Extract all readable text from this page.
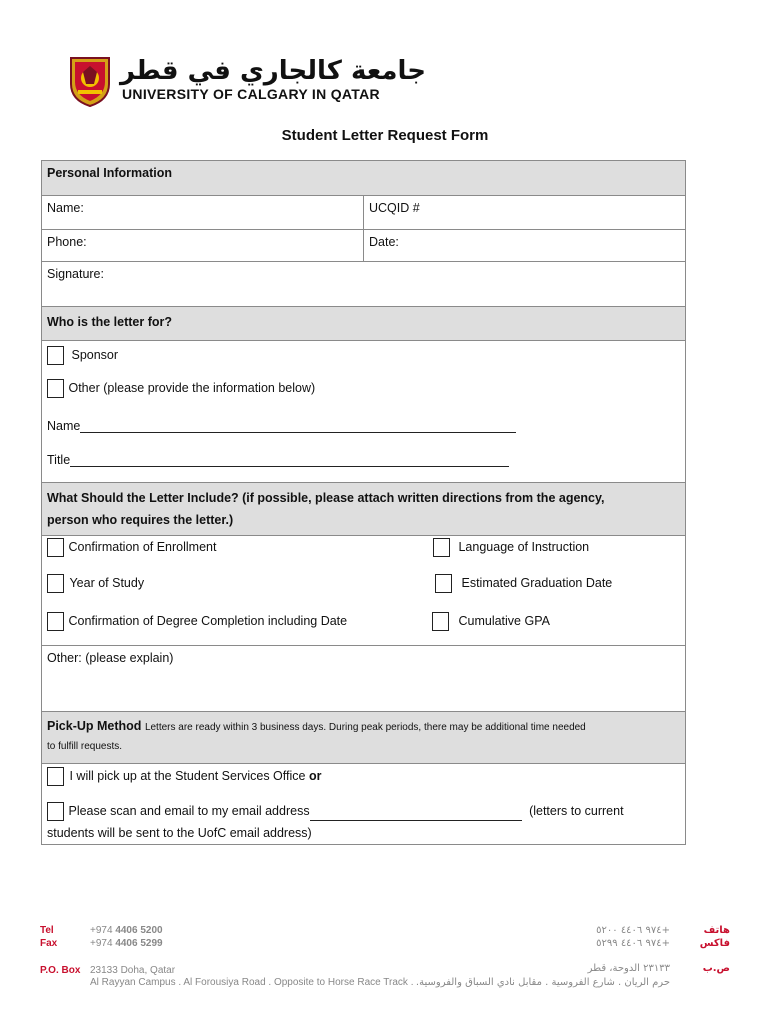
جامعة كالجاري في قطر
UNIVERSITY OF CALGARY IN QATAR
Student Letter Request Form
Personal Information
Name:	UCQID #
Phone:	Date:
Signature:
Who is the letter for?
Sponsor
Other (please provide the information below)
Name
Title
What Should the Letter Include? (if possible, please attach written directions from the agency,
person who requires the letter.)
Confirmation of Enrollment	Language of Instruction
Year of Study	Estimated Graduation Date
Confirmation of Degree Completion including Date	Cumulative GPA
Other: (please explain)
Pick-Up Method Letters are ready within 3 business days. During peak periods, there may be additional time needed
to fulfill requests.
I will pick up at the Student Services Office or
Please scan and email to my email address	(letters to current
students will be sent to the UofC email address)
Tel	+974 4406 5200
Fax	+974 4406 5299
P.O. Box 23133 Doha, Qatar
Al Rayyan Campus . Al Forousiya Road . Opposite to Horse Race Track .
هاتف
+٩٧٤ ٤٤٠٦ ٥٢٠٠
فاكس
+٩٧٤ ٤٤٠٦ ٥٢٩٩
ص.ب
٢٣١٣٣ الدوحة، قطر
حرم الريان . شارع الفروسية . مقابل نادي السباق والفروسية.
